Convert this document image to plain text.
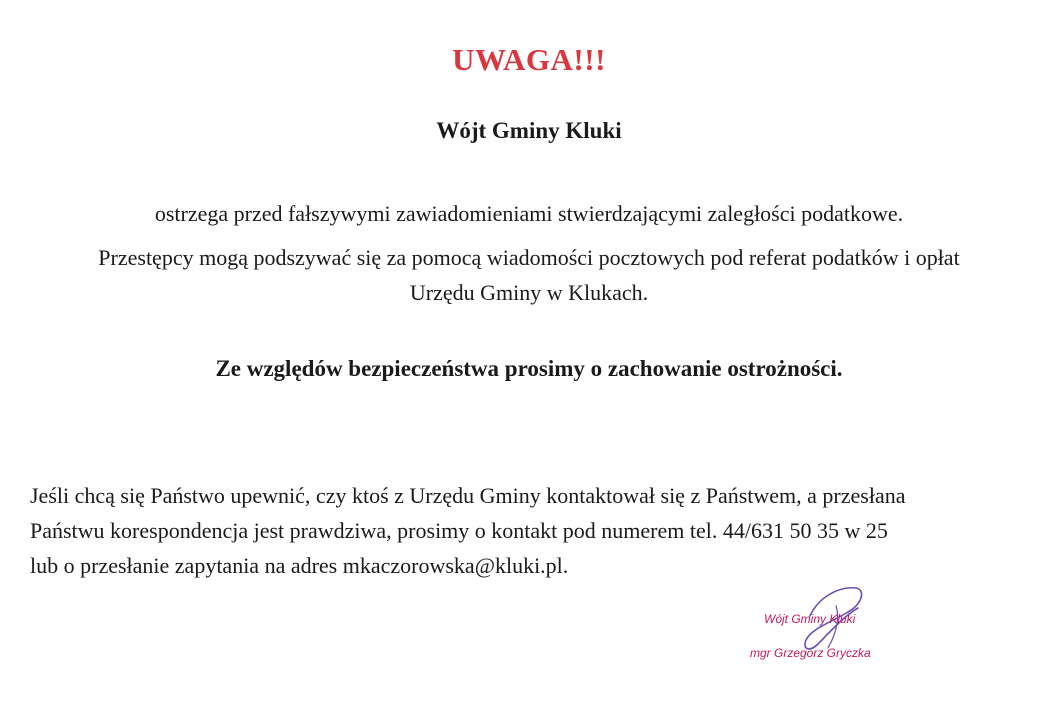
UWAGA!!!
Wójt Gminy Kluki
ostrzega przed fałszywymi zawiadomieniami stwierdzającymi zaległości podatkowe.
Przestępcy mogą podszywać się za pomocą wiadomości pocztowych pod referat podatków i opłat
Urzędu Gminy w Klukach.
Ze względów bezpieczeństwa prosimy o zachowanie ostrożności.
Jeśli chcą się Państwo upewnić, czy ktoś z Urzędu Gminy kontaktował się z Państwem, a przesłana
Państwu korespondencja jest prawdziwa, prosimy o kontakt pod numerem tel. 44/631 50 35 w 25
lub o przesłanie zapytania na adres mkaczorowska@kluki.pl.
Wójt Gminy Kluki
mgr Grzegorz Gryczka
